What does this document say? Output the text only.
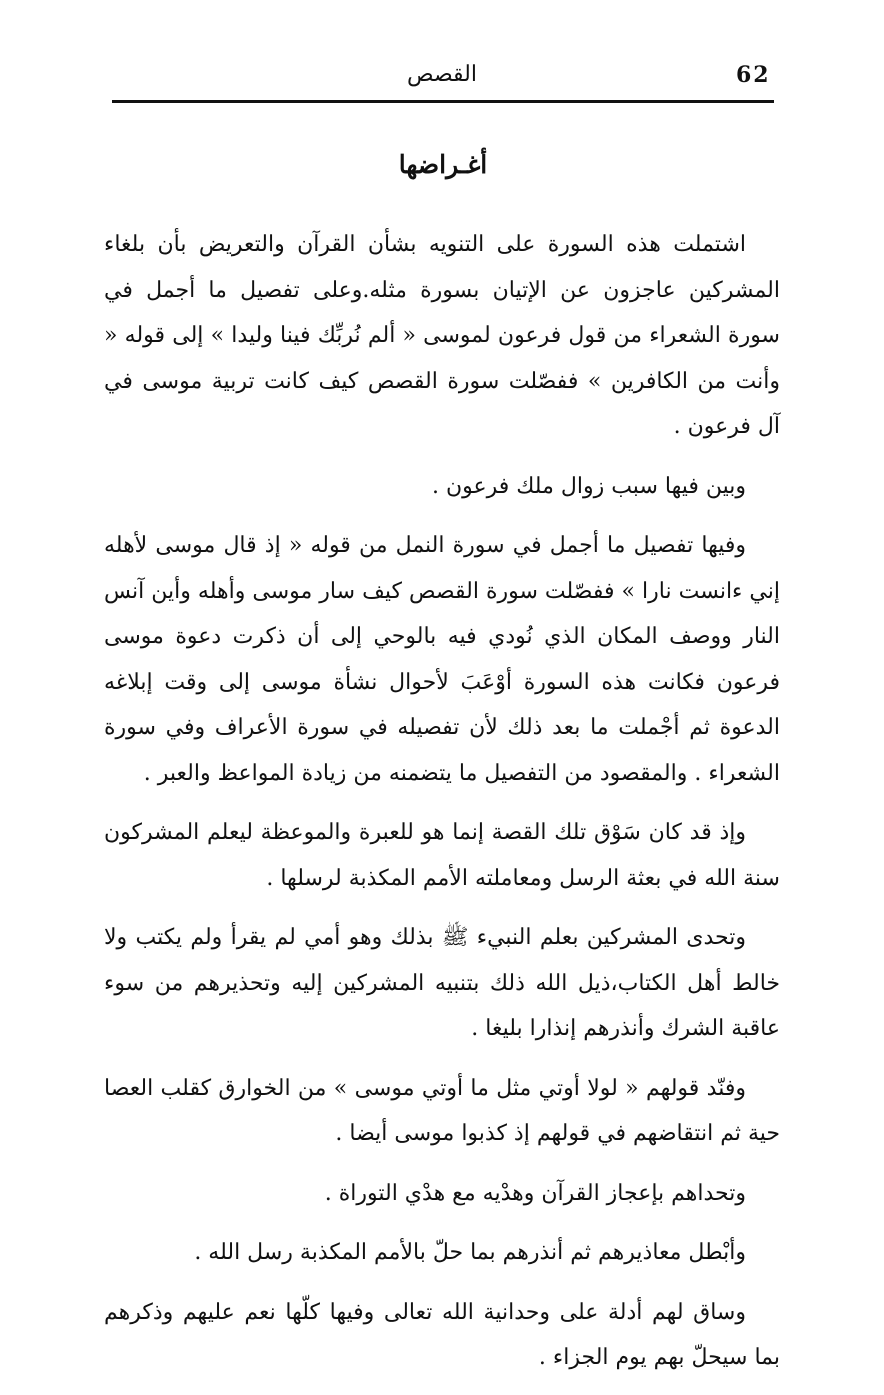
62
القصص
أغـراضها

اشتملت هذه السورة على التنويه بشأن القرآن والتعريض بأن بلغاء المشركين عاجزون عن الإتيان بسورة مثله.وعلى تفصيل ما أجمل في سورة الشعراء من قول فرعون لموسى « ألم نُربِّك فينا وليدا » إلى قوله « وأنت من الكافرين » ففصّلت سورة القصص كيف كانت تربية موسى في آل فرعون .

وبين فيها سبب زوال ملك فرعون .

وفيها تفصيل ما أجمل في سورة النمل من قوله « إذ قال موسى لأهله إني ءانست نارا » ففصّلت سورة القصص كيف سار موسى وأهله وأين آنس النار ووصف المكان الذي نُودي فيه بالوحي إلى أن ذكرت دعوة موسى فرعون فكانت هذه السورة أوْعَبَ لأحوال نشأة موسى إلى وقت إبلاغه الدعوة ثم أجْملت ما بعد ذلك لأن تفصيله في سورة الأعراف وفي سورة الشعراء . والمقصود من التفصيل ما يتضمنه من زيادة المواعظ والعبر .

وإذ قد كان سَوْق تلك القصة إنما هو للعبرة والموعظة ليعلم المشركون سنة الله في بعثة الرسل ومعاملته الأمم المكذبة لرسلها .

وتحدى المشركين بعلم النبيء ﷺ بذلك وهو أمي لم يقرأ ولم يكتب ولا خالط أهل الكتاب،ذيل الله ذلك بتنبيه المشركين إليه وتحذيرهم من سوء عاقبة الشرك وأنذرهم إنذارا بليغا .

وفنّد قولهم « لولا أوتي مثل ما أوتي موسى » من الخوارق كقلب العصا حية ثم انتقاضهم في قولهم إذ كذبوا موسى أيضا .

وتحداهم بإعجاز القرآن وهدْيه مع هدْي التوراة .

وأبْطل معاذيرهم ثم أنذرهم بما حلّ بالأمم المكذبة رسل الله .

وساق لهم أدلة على وحدانية الله تعالى وفيها كلّها نعم عليهم وذكرهم بما سيحلّ بهم يوم الجزاء .
